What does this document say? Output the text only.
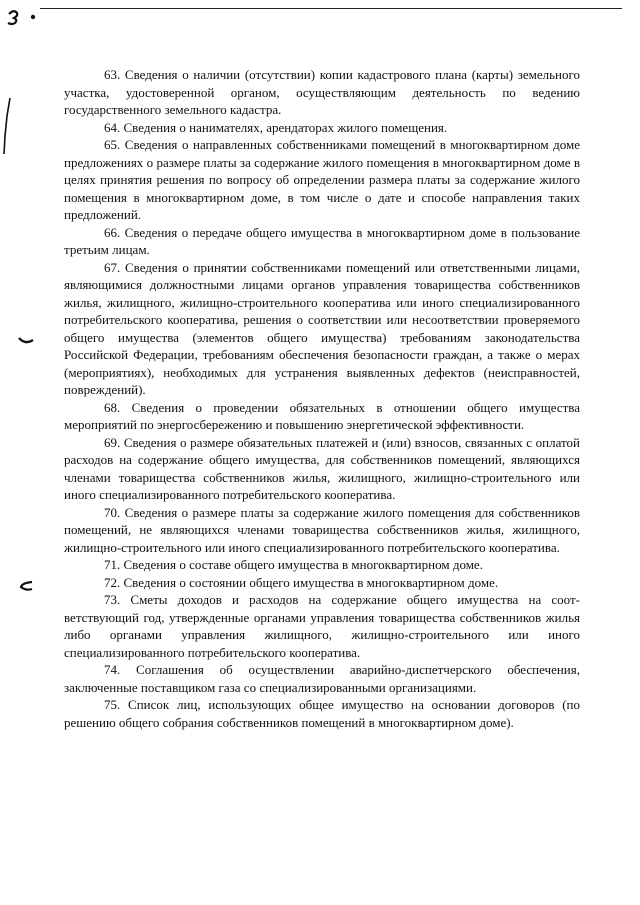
63. Сведения о наличии (отсутствии) копии кадастрового плана (карты) земельного участка, удостоверенной органом, осуществляющим деятельность по ведению государственного земельного кадастра.

64. Сведения о нанимателях, арендаторах жилого помещения.

65. Сведения о направленных собственниками помещений в многоквартирном доме предложениях о размере платы за содержание жилого помещения в многоквартирном доме в целях принятия решения по вопросу об определении размера платы за содержание жилого помещения в многоквартирном доме, в том числе о дате и способе направления таких предложений.

66. Сведения о передаче общего имущества в многоквартирном доме в пользование третьим лицам.

67. Сведения о принятии собственниками помещений или ответственными лицами, являющимися должностными лицами органов управления товарищества собственников жилья, жилищного, жилищно-строительного кооператива или иного специализированного потребительского кооператива, решения о соответствии или несоответствии проверяемого общего имущества (элементов общего имущества) требованиям законодательства Российской Федерации, требованиям обеспечения безопасности граждан, а также о мерах (мероприятиях), необходимых для устранения выявленных дефектов (неисправностей, повреждений).

68. Сведения о проведении обязательных в отношении общего имущества мероприятий по энергосбережению и повышению энергетической эффективности.

69. Сведения о размере обязательных платежей и (или) взносов, связанных с оплатой расходов на содержание общего имущества, для собственников помещений, являющихся членами товарищества собственников жилья, жилищного, жилищно-строительного или иного специализированного потребительского кооператива.

70. Сведения о размере платы за содержание жилого помещения для собственников помещений, не являющихся членами товарищества собственников жилья, жилищного, жилищно-строительного или иного специализированного потребительского кооператива.

71. Сведения о составе общего имущества в многоквартирном доме.

72. Сведения о состоянии общего имущества в многоквартирном доме.

73. Сметы доходов и расходов на содержание общего имущества на соответствующий год, утвержденные органами управления товарищества собственников жилья либо органами управления жилищного, жилищно-строительного или иного специализированного потребительского кооператива.

74. Соглашения об осуществлении аварийно-диспетчерского обеспечения, заключенные поставщиком газа со специализированными организациями.

75. Список лиц, использующих общее имущество на основании договоров (по решению общего собрания собственников помещений в многоквартирном доме).
